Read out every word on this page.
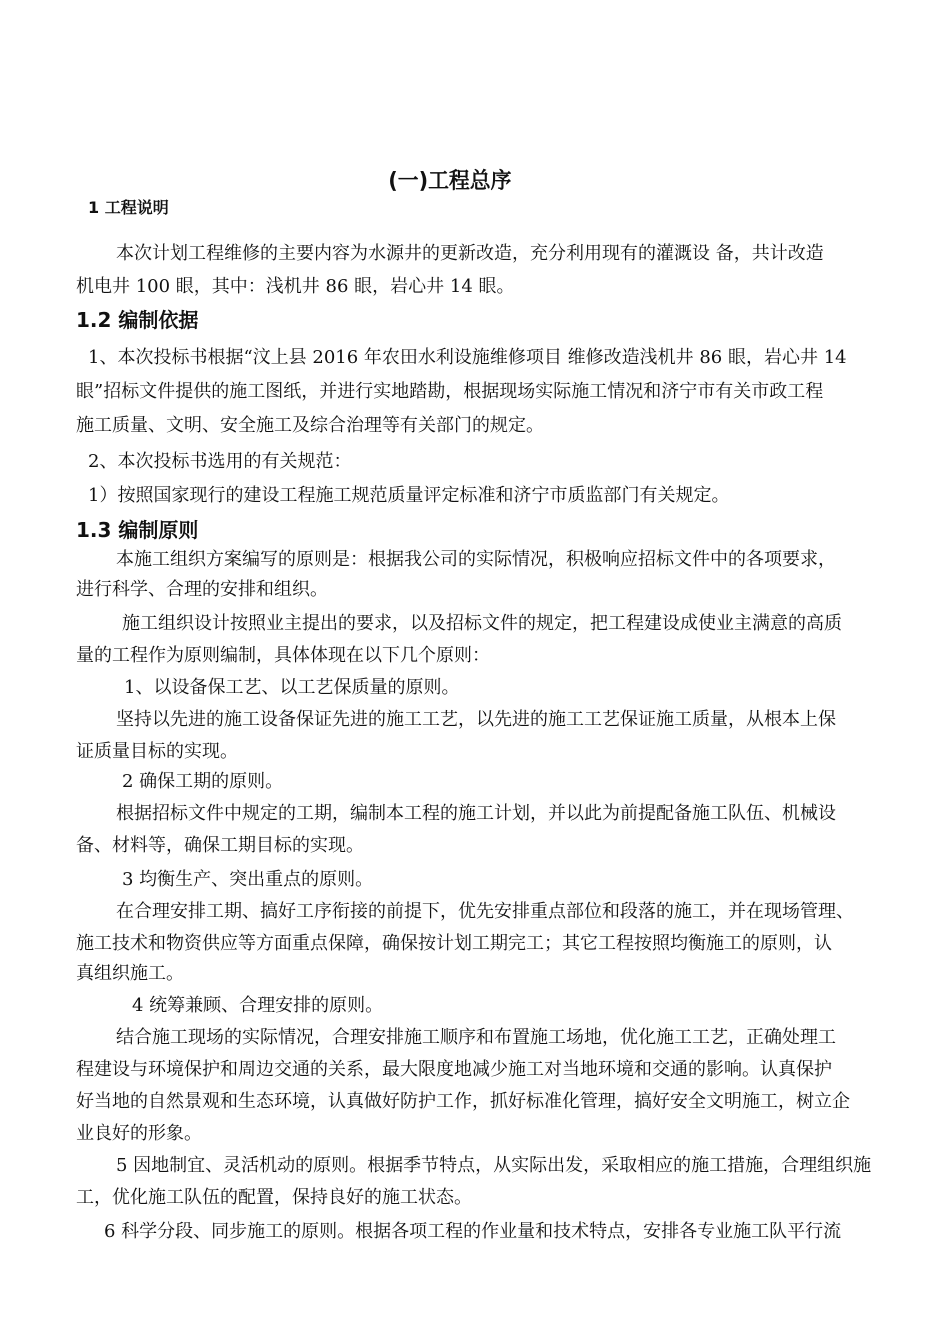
(一)工程总序
1 工程说明
本次计划工程维修的主要内容为水源井的更新改造，充分利用现有的灌溉设 备，共计改造
机电井 100 眼，其中：浅机井 86 眼，岩心井 14 眼。
1.2 编制依据
1、本次投标书根据“汶上县 2016 年农田水利设施维修项目 维修改造浅机井 86 眼，岩心井 14
眼”招标文件提供的施工图纸，并进行实地踏勘，根据现场实际施工情况和济宁市有关市政工程
施工质量、文明、安全施工及综合治理等有关部门的规定。
2、本次投标书选用的有关规范：
1）按照国家现行的建设工程施工规范质量评定标准和济宁市质监部门有关规定。
1.3 编制原则
本施工组织方案编写的原则是：根据我公司的实际情况，积极响应招标文件中的各项要求，
进行科学、合理的安排和组织。
施工组织设计按照业主提出的要求，以及招标文件的规定，把工程建设成使业主满意的高质
量的工程作为原则编制，具体体现在以下几个原则：
1、以设备保工艺、以工艺保质量的原则。
坚持以先进的施工设备保证先进的施工工艺，以先进的施工工艺保证施工质量，从根本上保
证质量目标的实现。
2 确保工期的原则。
根据招标文件中规定的工期，编制本工程的施工计划，并以此为前提配备施工队伍、机械设
备、材料等，确保工期目标的实现。
3 均衡生产、突出重点的原则。
在合理安排工期、搞好工序衔接的前提下，优先安排重点部位和段落的施工，并在现场管理、
施工技术和物资供应等方面重点保障，确保按计划工期完工；其它工程按照均衡施工的原则，认
真组织施工。
4 统筹兼顾、合理安排的原则。
结合施工现场的实际情况，合理安排施工顺序和布置施工场地，优化施工工艺，正确处理工
程建设与环境保护和周边交通的关系，最大限度地减少施工对当地环境和交通的影响。认真保护
好当地的自然景观和生态环境，认真做好防护工作，抓好标准化管理，搞好安全文明施工，树立企
业良好的形象。
5 因地制宜、灵活机动的原则。根据季节特点，从实际出发，采取相应的施工措施，合理组织施
工，优化施工队伍的配置，保持良好的施工状态。
6 科学分段、同步施工的原则。根据各项工程的作业量和技术特点，安排各专业施工队平行流
